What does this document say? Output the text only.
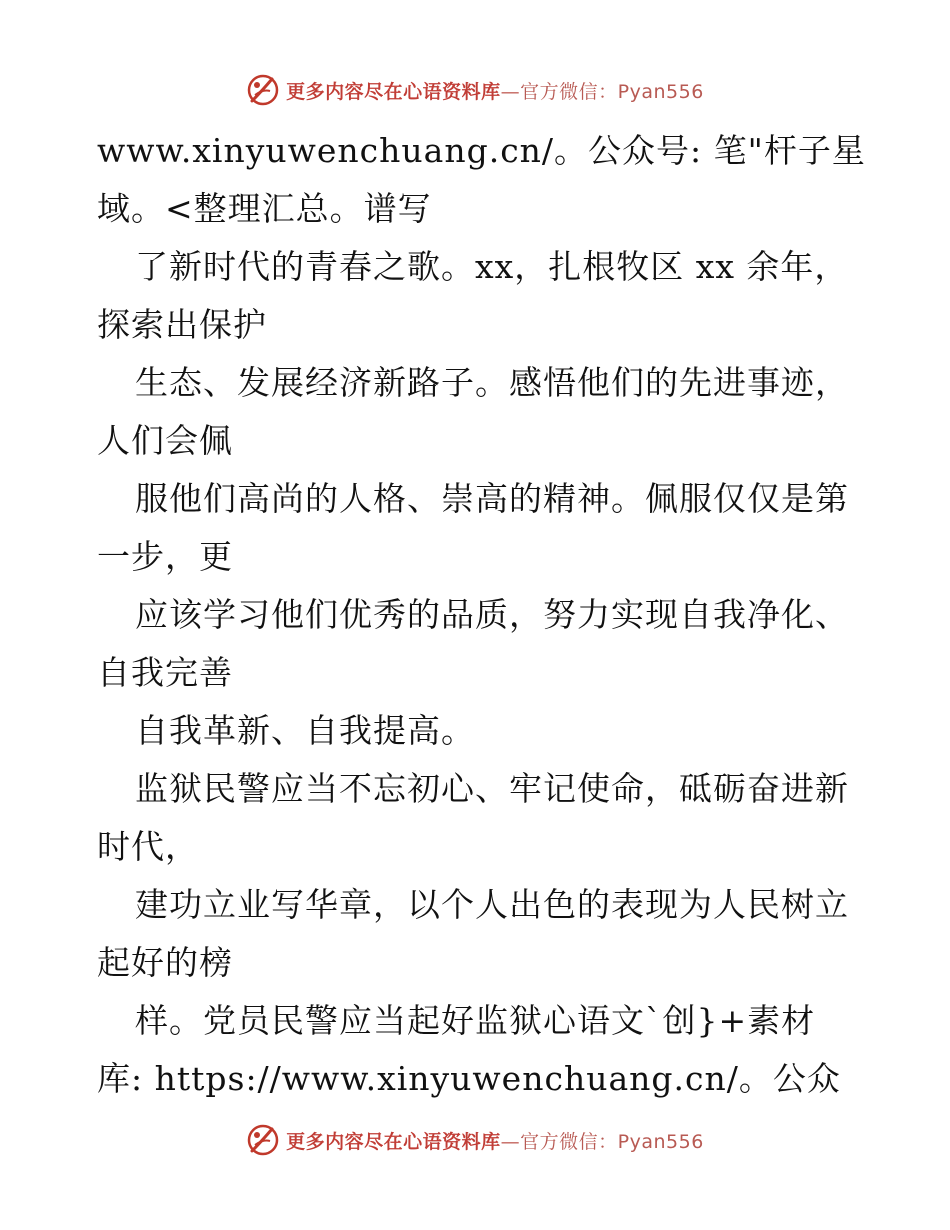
更多内容尽在心语资料库—官方微信：Pyan556
www.xinyuwenchuang.cn/。公众号: 笔"杆子星
域。<整理汇总。谱写
了新时代的青春之歌。xx，扎根牧区 xx 余年，
探索出保护
生态、发展经济新路子。感悟他们的先进事迹，
人们会佩
服他们高尚的人格、崇高的精神。佩服仅仅是第
一步，更
应该学习他们优秀的品质，努力实现自我净化、
自我完善
自我革新、自我提高。
监狱民警应当不忘初心、牢记使命，砥砺奋进新
时代，
建功立业写华章，以个人出色的表现为人民树立
起好的榜
样。党员民警应当起好监狱心语文`创}+素材
库: https://www.xinyuwenchuang.cn/。公众
更多内容尽在心语资料库—官方微信：Pyan556
